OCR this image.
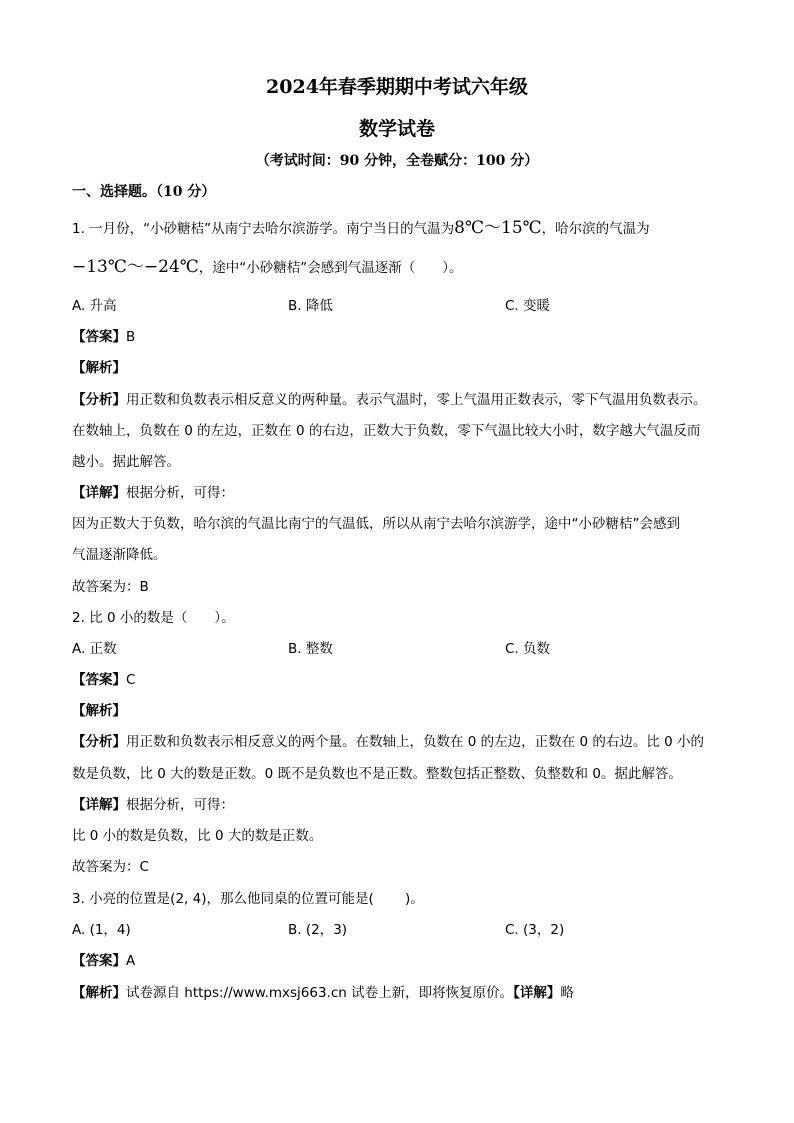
2024年春季期期中考试六年级
数学试卷
（考试时间：90 分钟，全卷赋分：100 分）
一、选择题。（10 分）
1. 一月份，“小砂糖桔”从南宁去哈尔滨游学。南宁当日的气温为8℃～15℃，哈尔滨的气温为
−13℃～−24℃，途中“小砂糖桔”会感到气温逐渐（　　）。
A. 升高	B. 降低	C. 变暖
【答案】B
【解析】
【分析】用正数和负数表示相反意义的两种量。表示气温时，零上气温用正数表示，零下气温用负数表示。
在数轴上，负数在 0 的左边，正数在 0 的右边，正数大于负数，零下气温比较大小时，数字越大气温反而
越小。据此解答。
【详解】根据分析，可得：
因为正数大于负数，哈尔滨的气温比南宁的气温低，所以从南宁去哈尔滨游学，途中“小砂糖桔”会感到
气温逐渐降低。
故答案为：B
2. 比 0 小的数是（　　）。
A. 正数	B. 整数	C. 负数
【答案】C
【解析】
【分析】用正数和负数表示相反意义的两个量。在数轴上，负数在 0 的左边，正数在 0 的右边。比 0 小的
数是负数，比 0 大的数是正数。0 既不是负数也不是正数。整数包括正整数、负整数和 0。据此解答。
【详解】根据分析，可得：
比 0 小的数是负数，比 0 大的数是正数。
故答案为：C
3. 小亮的位置是(2, 4)，那么他同桌的位置可能是(　　 )。
A. (1，4)	B. (2，3)	C. (3，2)
【答案】A
【解析】试卷源自 https://www.mxsj663.cn 试卷上新，即将恢复原价。【详解】略
